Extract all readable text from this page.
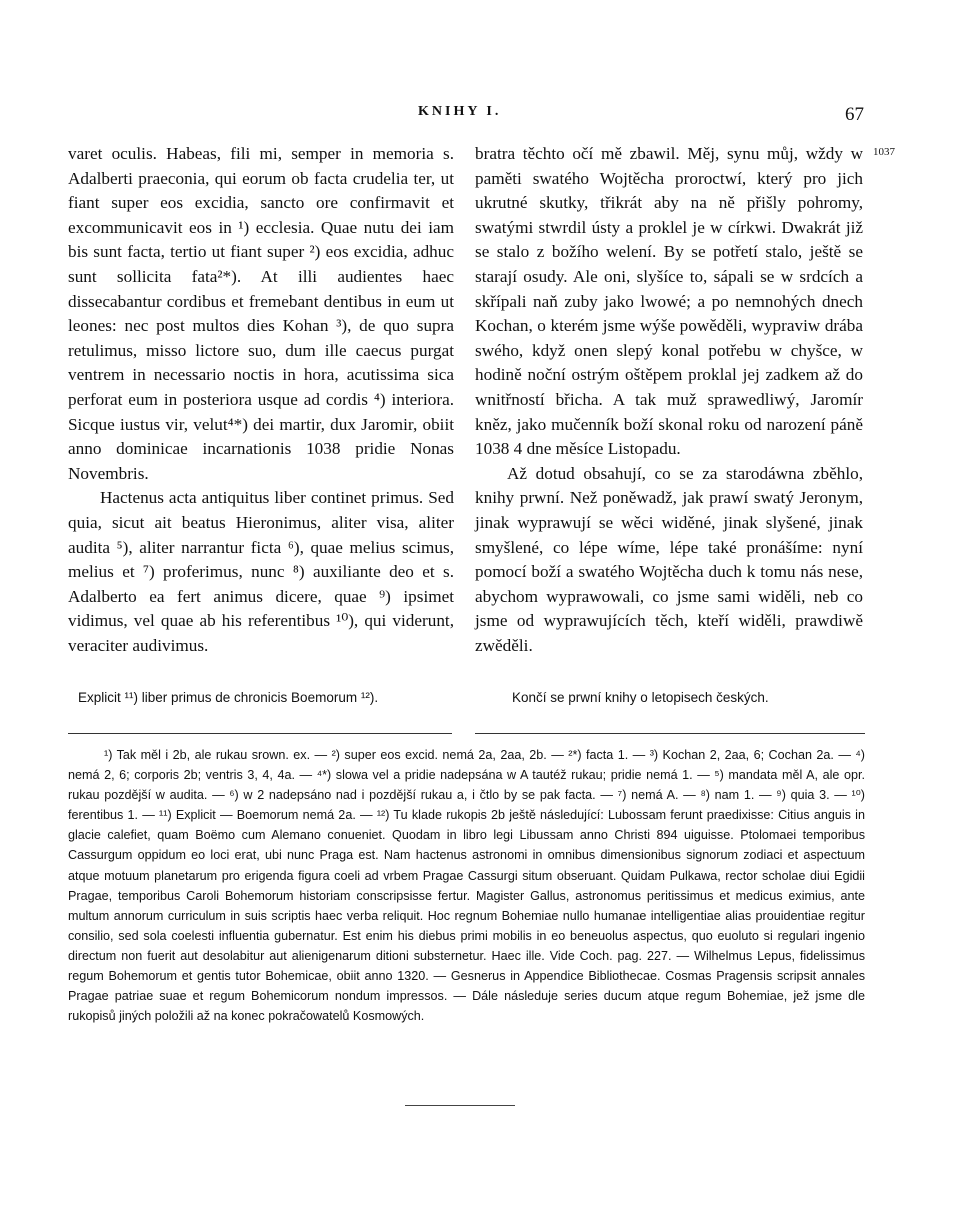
KNIHY I.	67

varet oculis. Habeas, fili mi, semper in memoria s. Adalberti praeconia, qui eorum ob facta crudelia ter, ut fiant super eos excidia, sancto ore confirmavit et excommunicavit eos in ¹) ecclesia. Quae nutu dei iam bis sunt facta, tertio ut fiant super ²) eos excidia, adhuc sunt sollicita fata²*). At illi audientes haec dissecabantur cordibus et fremebant dentibus in eum ut leones: nec post multos dies Kohan ³), de quo supra retulimus, misso lictore suo, dum ille caecus purgat ventrem in necessario noctis in hora, acutissima sica perforat eum in posteriora usque ad cordis ⁴) interiora. Sicque iustus vir, velut⁴*) dei martir, dux Jaromir, obiit anno dominicae incarnationis 1038 pridie Nonas Novembris.

Hactenus acta antiquitus liber continet primus. Sed quia, sicut ait beatus Hieronimus, aliter visa, aliter audita ⁵), aliter narrantur ficta ⁶), quae melius scimus, melius et ⁷) proferimus, nunc ⁸) auxiliante deo et s. Adalberto ea fert animus dicere, quae ⁹) ipsimet vidimus, vel quae ab his referentibus ¹⁰), qui viderunt, veraciter audivimus.

bratra těchto očí mě zbawil. Měj, synu můj, wždy w paměti swatého Wojtěcha proroctwí, který pro jich ukrutné skutky, třikrát aby na ně přišly pohromy, swatými stwrdil ústy a proklel je w církwi. Dwakrát již se stalo z božího welení. By se potřetí stalo, ještě se starají osudy. Ale oni, slyšíce to, sápali se w srdcích a skřípali naň zuby jako lwowé; a po nemnohých dnech Kochan, o kterém jsme wýše powěděli, wypraviw drába swého, když onen slepý konal potřebu w chyšce, w hodině noční ostrým oštěpem proklal jej zadkem až do wnitřností břicha. A tak muž sprawedliwý, Jaromír kněz, jako mučenník boží skonal roku od narození páně 1038 4 dne měsíce Listopadu.

Až dotud obsahují, co se za starodáwna zběhlo, knihy prwní. Než poněwadž, jak prawí swatý Jeronym, jinak wyprawují se wěci widěné, jinak slyšené, jinak smyšlené, co lépe wíme, lépe také pronášíme: nyní pomocí boží a swatého Wojtěcha duch k tomu nás nese, abychom wyprawowali, co jsme sami widěli, neb co jsme od wyprawujících těch, kteří widěli, prawdiwě zwěděli.

1037
Explicit ¹¹) liber primus de chronicis Boemorum ¹²).	Končí se prwní knihy o letopisech českých.

¹) Tak měl i 2b, ale rukau srown. ex. — ²) super eos excid. nemá 2a, 2aa, 2b. — ²*) facta 1. — ³) Kochan 2, 2aa, 6; Cochan 2a. — ⁴) nemá 2, 6; corporis 2b; ventris 3, 4, 4a. — ⁴*) slowa vel a pridie nadepsána w A tautéž rukau; pridie nemá 1. — ⁵) mandata měl A, ale opr. rukau pozdější w audita. — ⁶) w 2 nadepsáno nad i pozdější rukau a, i čtlo by se pak facta. — ⁷) nemá A. — ⁸) nam 1. — ⁹) quia 3. — ¹⁰) ferentibus 1. — ¹¹) Explicit — Boemorum nemá 2a. — ¹²) Tu klade rukopis 2b ještě následující: Lubossam ferunt praedixisse: Citius anguis in glacie calefiet, quam Boëmo cum Alemano conueniet. Quodam in libro legi Libussam anno Christi 894 uiguisse. Ptolomaei temporibus Cassurgum oppidum eo loci erat, ubi nunc Praga est. Nam hactenus astronomi in omnibus dimensionibus signorum zodiaci et aspectuum atque motuum planetarum pro erigenda figura coeli ad vrbem Pragae Cassurgi situm obseruant. Quidam Pulkawa, rector scholae diui Egidii Pragae, temporibus Caroli Bohemorum historiam conscripsisse fertur. Magister Gallus, astronomus peritissimus et medicus eximius, ante multum annorum curriculum in suis scriptis haec verba reliquit. Hoc regnum Bohemiae nullo humanae intelligentiae alias prouidentiae regitur consilio, sed sola coelesti influentia gubernatur. Est enim his diebus primi mobilis in eo beneuolus aspectus, quo euoluto si regulari ingenio directum non fuerit aut desolabitur aut alienigenarum ditioni substernetur. Haec ille. Vide Coch. pag. 227. — Wilhelmus Lepus, fidelissimus regum Bohemorum et gentis tutor Bohemicae, obiit anno 1320. — Gesnerus in Appendice Bibliothecae. Cosmas Pragensis scripsit annales Pragae patriae suae et regum Bohemicorum nondum impressos. — Dále následuje series ducum atque regum Bohemiae, jež jsme dle rukopisů jiných položili až na konec pokračowatelů Kosmowých.
